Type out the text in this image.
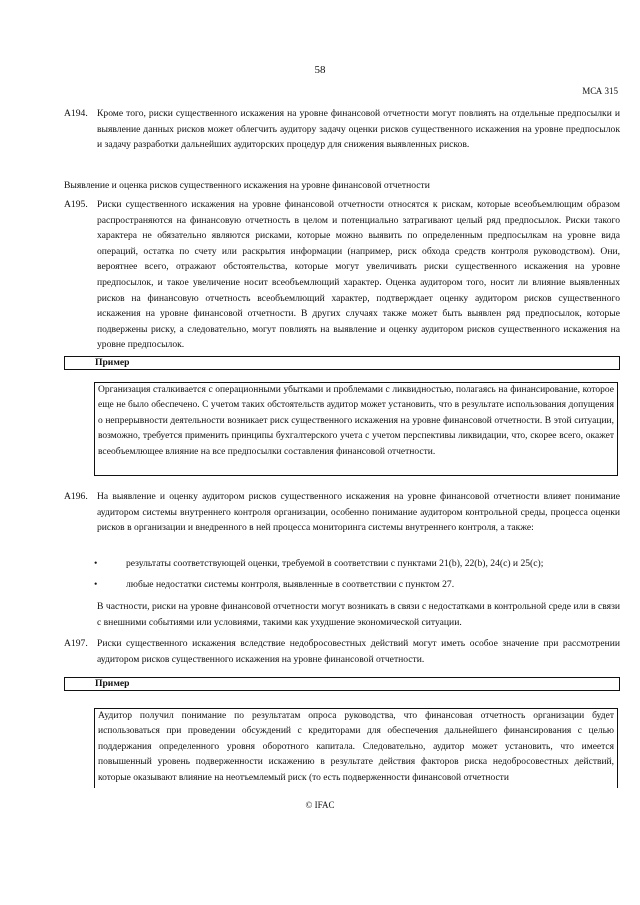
58
МСА 315
A194. Кроме того, риски существенного искажения на уровне финансовой отчетности могут повлиять на отдельные предпосылки и выявление данных рисков может облегчить аудитору задачу оценки рисков существенного искажения на уровне предпосылок и задачу разработки дальнейших аудиторских процедур для снижения выявленных рисков.
Выявление и оценка рисков существенного искажения на уровне финансовой отчетности
A195. Риски существенного искажения на уровне финансовой отчетности относятся к рискам, которые всеобъемлющим образом распространяются на финансовую отчетность в целом и потенциально затрагивают целый ряд предпосылок. Риски такого характера не обязательно являются рисками, которые можно выявить по определенным предпосылкам на уровне вида операций, остатка по счету или раскрытия информации (например, риск обхода средств контроля руководством). Они, вероятнее всего, отражают обстоятельства, которые могут увеличивать риски существенного искажения на уровне предпосылок, и такое увеличение носит всеобъемлющий характер. Оценка аудитором того, носит ли влияние выявленных рисков на финансовую отчетность всеобъемлющий характер, подтверждает оценку аудитором рисков существенного искажения на уровне финансовой отчетности. В других случаях также может быть выявлен ряд предпосылок, которые подвержены риску, а следовательно, могут повлиять на выявление и оценку аудитором рисков существенного искажения на уровне предпосылок.
Пример
Организация сталкивается с операционными убытками и проблемами с ликвидностью, полагаясь на финансирование, которое еще не было обеспечено. С учетом таких обстоятельств аудитор может установить, что в результате использования допущения о непрерывности деятельности возникает риск существенного искажения на уровне финансовой отчетности. В этой ситуации, возможно, требуется применить принципы бухгалтерского учета с учетом перспективы ликвидации, что, скорее всего, окажет всеобъемлющее влияние на все предпосылки составления финансовой отчетности.
A196. На выявление и оценку аудитором рисков существенного искажения на уровне финансовой отчетности влияет понимание аудитором системы внутреннего контроля организации, особенно понимание аудитором контрольной среды, процесса оценки рисков в организации и внедренного в ней процесса мониторинга системы внутреннего контроля, а также:
•	результаты соответствующей оценки, требуемой в соответствии с пунктами 21(b), 22(b), 24(c) и 25(c);
•	любые недостатки системы контроля, выявленные в соответствии с пунктом 27.
В частности, риски на уровне финансовой отчетности могут возникать в связи с недостатками в контрольной среде или в связи с внешними событиями или условиями, такими как ухудшение экономической ситуации.
A197. Риски существенного искажения вследствие недобросовестных действий могут иметь особое значение при рассмотрении аудитором рисков существенного искажения на уровне финансовой отчетности.
Пример
Аудитор получил понимание по результатам опроса руководства, что финансовая отчетность организации будет использоваться при проведении обсуждений с кредиторами для обеспечения дальнейшего финансирования с целью поддержания определенного уровня оборотного капитала. Следовательно, аудитор может установить, что имеется повышенный уровень подверженности искажению в результате действия факторов риска недобросовестных действий, которые оказывают влияние на неотъемлемый риск (то есть подверженности финансовой отчетности
© IFAC
